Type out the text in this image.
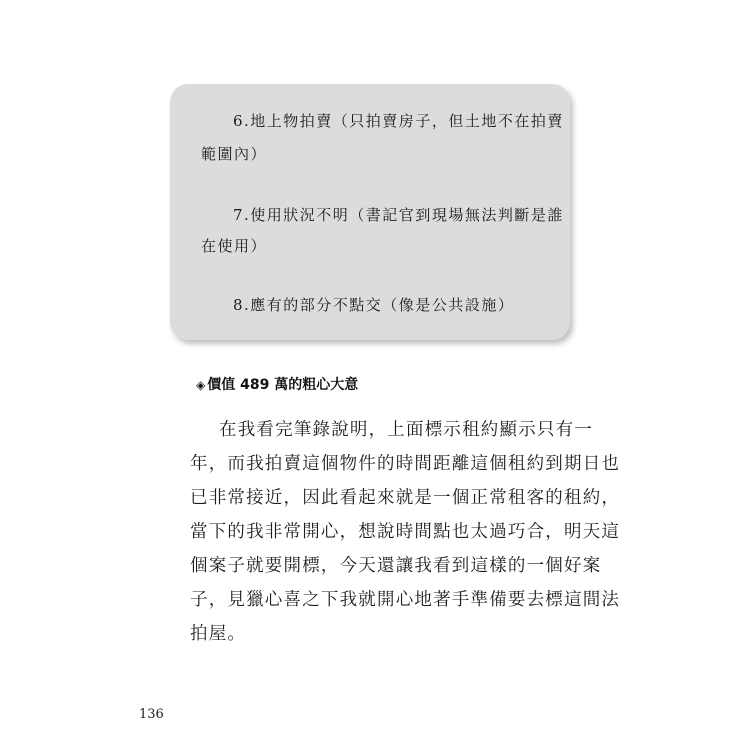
6.地上物拍賣（只拍賣房子，但土地不在拍賣
範圍內）
7.使用狀況不明（書記官到現場無法判斷是誰
在使用）
8.應有的部分不點交（像是公共設施）
◈ 價值 489 萬的粗心大意
在我看完筆錄說明，上面標示租約顯示只有一
年，而我拍賣這個物件的時間距離這個租約到期日也
已非常接近，因此看起來就是一個正常租客的租約，
當下的我非常開心，想說時間點也太過巧合，明天這
個案子就要開標，今天還讓我看到這樣的一個好案
子，見獵心喜之下我就開心地著手準備要去標這間法
拍屋。
136
